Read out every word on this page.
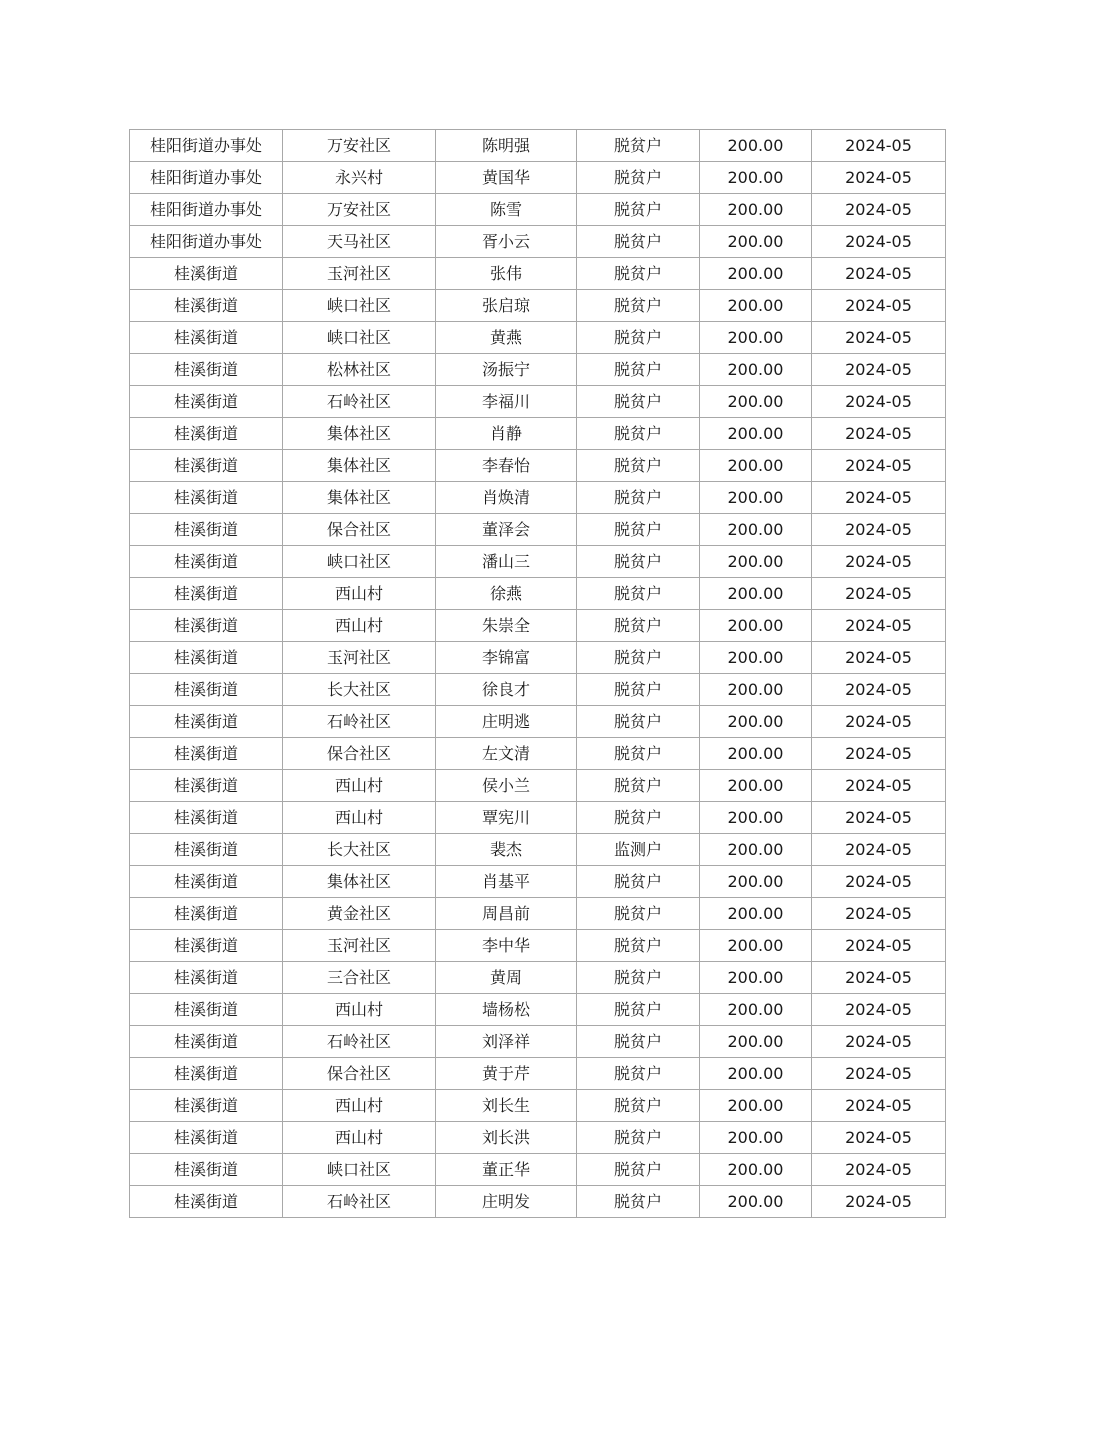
桂阳街道办事处	万安社区	陈明强	脱贫户	200.00	2024-05
桂阳街道办事处	永兴村	黄国华	脱贫户	200.00	2024-05
桂阳街道办事处	万安社区	陈雪	脱贫户	200.00	2024-05
桂阳街道办事处	天马社区	胥小云	脱贫户	200.00	2024-05
桂溪街道	玉河社区	张伟	脱贫户	200.00	2024-05
桂溪街道	峡口社区	张启琼	脱贫户	200.00	2024-05
桂溪街道	峡口社区	黄燕	脱贫户	200.00	2024-05
桂溪街道	松林社区	汤振宁	脱贫户	200.00	2024-05
桂溪街道	石岭社区	李福川	脱贫户	200.00	2024-05
桂溪街道	集体社区	肖静	脱贫户	200.00	2024-05
桂溪街道	集体社区	李春怡	脱贫户	200.00	2024-05
桂溪街道	集体社区	肖焕清	脱贫户	200.00	2024-05
桂溪街道	保合社区	董泽会	脱贫户	200.00	2024-05
桂溪街道	峡口社区	潘山三	脱贫户	200.00	2024-05
桂溪街道	西山村	徐燕	脱贫户	200.00	2024-05
桂溪街道	西山村	朱崇全	脱贫户	200.00	2024-05
桂溪街道	玉河社区	李锦富	脱贫户	200.00	2024-05
桂溪街道	长大社区	徐良才	脱贫户	200.00	2024-05
桂溪街道	石岭社区	庄明逃	脱贫户	200.00	2024-05
桂溪街道	保合社区	左文清	脱贫户	200.00	2024-05
桂溪街道	西山村	侯小兰	脱贫户	200.00	2024-05
桂溪街道	西山村	覃宪川	脱贫户	200.00	2024-05
桂溪街道	长大社区	裴杰	监测户	200.00	2024-05
桂溪街道	集体社区	肖基平	脱贫户	200.00	2024-05
桂溪街道	黄金社区	周昌前	脱贫户	200.00	2024-05
桂溪街道	玉河社区	李中华	脱贫户	200.00	2024-05
桂溪街道	三合社区	黄周	脱贫户	200.00	2024-05
桂溪街道	西山村	墙杨松	脱贫户	200.00	2024-05
桂溪街道	石岭社区	刘泽祥	脱贫户	200.00	2024-05
桂溪街道	保合社区	黄于芹	脱贫户	200.00	2024-05
桂溪街道	西山村	刘长生	脱贫户	200.00	2024-05
桂溪街道	西山村	刘长洪	脱贫户	200.00	2024-05
桂溪街道	峡口社区	董正华	脱贫户	200.00	2024-05
桂溪街道	石岭社区	庄明发	脱贫户	200.00	2024-05
